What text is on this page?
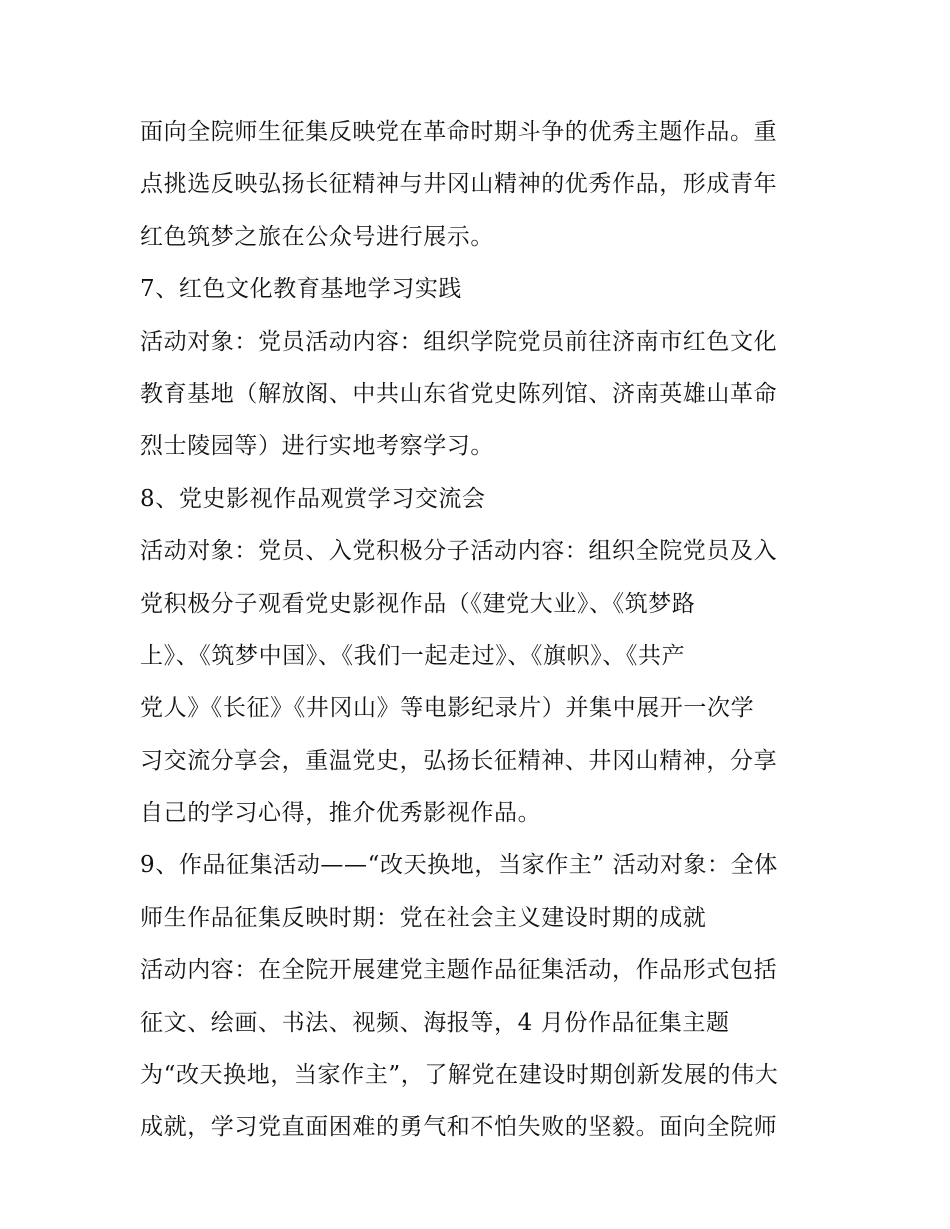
面向全院师生征集反映党在革命时期斗争的优秀主题作品。重
点挑选反映弘扬长征精神与井冈山精神的优秀作品，形成青年
红色筑梦之旅在公众号进行展示。
7、红色文化教育基地学习实践
活动对象：党员活动内容：组织学院党员前往济南市红色文化
教育基地（解放阁、中共山东省党史陈列馆、济南英雄山革命
烈士陵园等）进行实地考察学习。
8、党史影视作品观赏学习交流会
活动对象：党员、入党积极分子活动内容：组织全院党员及入
党积极分子观看党史影视作品（《建党大业》、《筑梦路
上》、《筑梦中国》、《我们一起走过》、《旗帜》、《共产
党人》《长征》《井冈山》等电影纪录片）并集中展开一次学
习交流分享会，重温党史，弘扬长征精神、井冈山精神，分享
自己的学习心得，推介优秀影视作品。
9、作品征集活动——“改天换地，当家作主” 活动对象：全体
师生作品征集反映时期：党在社会主义建设时期的成就
活动内容：在全院开展建党主题作品征集活动，作品形式包括
征文、绘画、书法、视频、海报等，4 月份作品征集主题
为“改天换地，当家作主”，了解党在建设时期创新发展的伟大
成就，学习党直面困难的勇气和不怕失败的坚毅。面向全院师
